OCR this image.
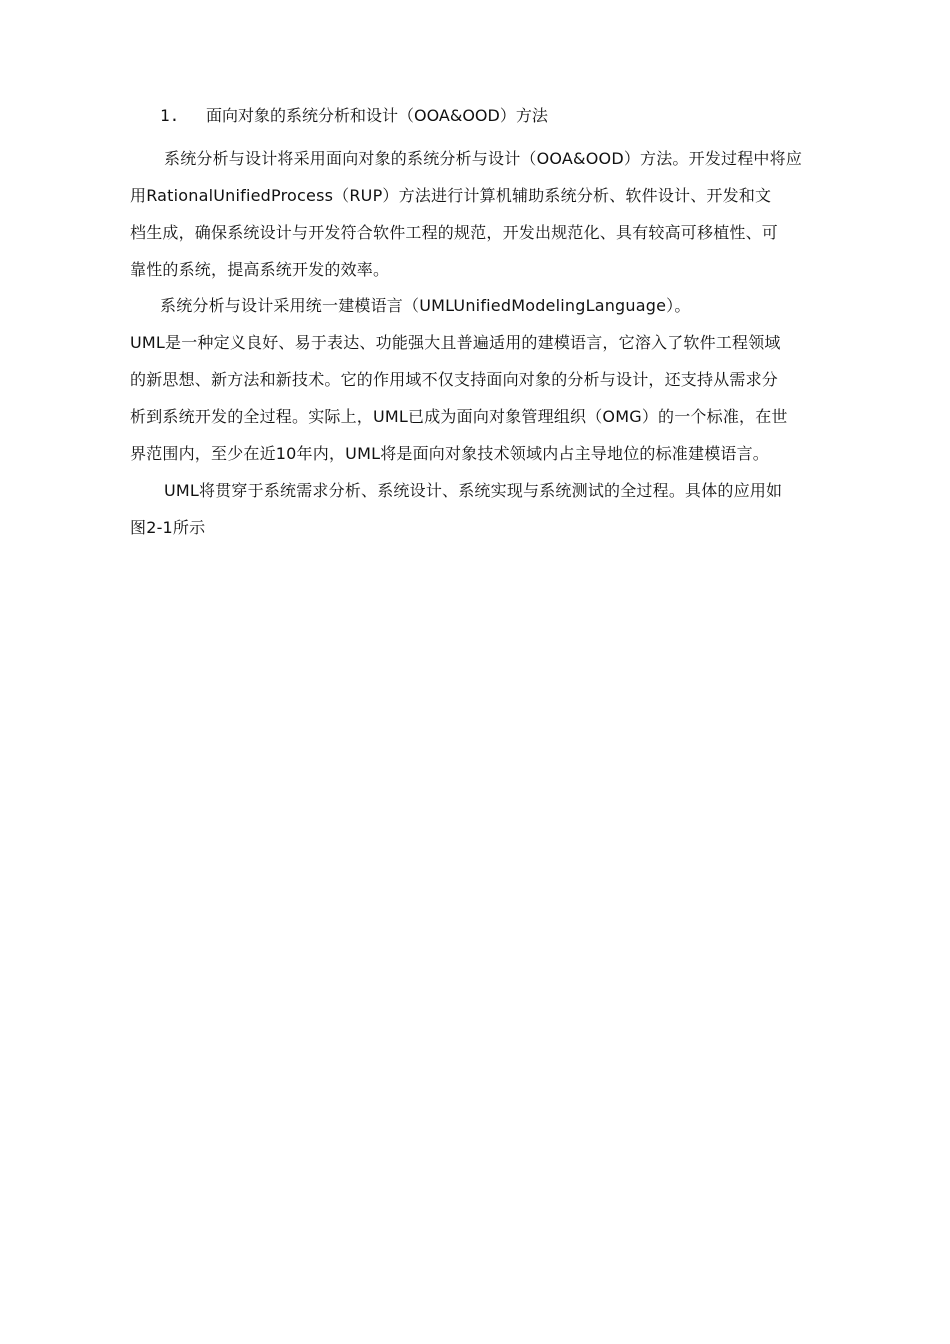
1. 面向对象的系统分析和设计（OOA&OOD）方法
系统分析与设计将采用面向对象的系统分析与设计（OOA&OOD）方法。开发过程中将应
用RationalUnifiedProcess（RUP）方法进行计算机辅助系统分析、软件设计、开发和文
档生成，确保系统设计与开发符合软件工程的规范，开发出规范化、具有较高可移植性、可
靠性的系统，提高系统开发的效率。
系统分析与设计采用统一建模语言（UMLUnifiedModelingLanguage）。
UML是一种定义良好、易于表达、功能强大且普遍适用的建模语言，它溶入了软件工程领域
的新思想、新方法和新技术。它的作用域不仅支持面向对象的分析与设计，还支持从需求分
析到系统开发的全过程。实际上，UML已成为面向对象管理组织（OMG）的一个标准，在世
界范围内，至少在近10年内，UML将是面向对象技术领域内占主导地位的标准建模语言。
UML将贯穿于系统需求分析、系统设计、系统实现与系统测试的全过程。具体的应用如
图2-1所示
